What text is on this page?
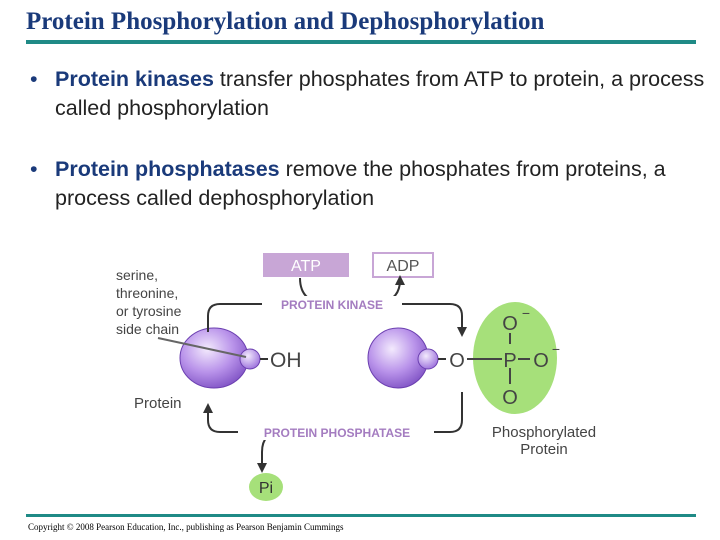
Protein Phosphorylation and Dephosphorylation
• Protein kinases transfer phosphates from ATP to protein, a process called phosphorylation
• Protein phosphatases remove the phosphates from proteins, a process called dephosphorylation
serine,
threonine,
or tyrosine
side chain
OH
Protein
ATP	ADP
PROTEIN KINASE
PROTEIN PHOSPHATASE
Pi
O P O
−
O −
O
Phosphorylated
Protein
Copyright © 2008 Pearson Education, Inc., publishing as Pearson Benjamin Cummings
